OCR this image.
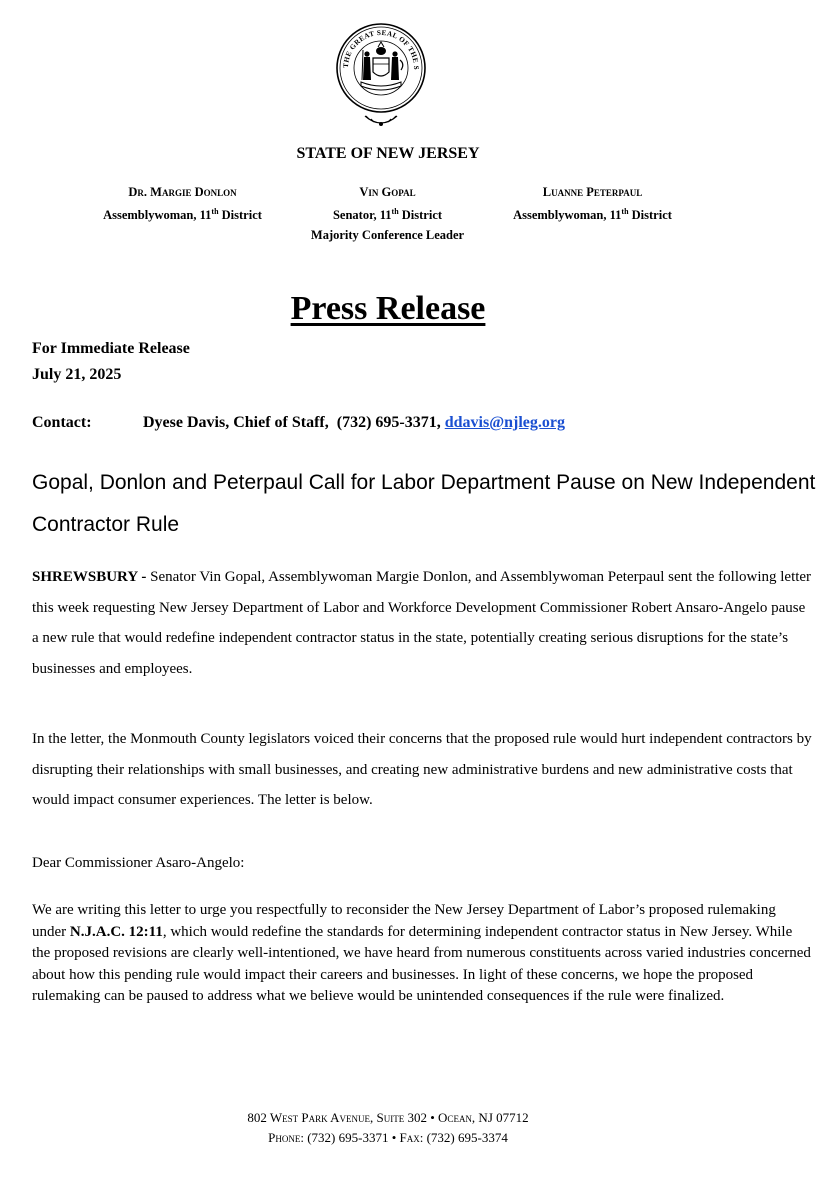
THE GREAT SEAL OF THE S
STATE OF NEW JERSEY
Dr. Margie Donlon
Assemblywoman, 11th District
Vin Gopal
Senator, 11th District
Majority Conference Leader
Luanne Peterpaul
Assemblywoman, 11th District
Press Release
For Immediate Release
July 21, 2025
Contact:	Dyese Davis, Chief of Staff,  (732) 695-3371, ddavis@njleg.org
Gopal, Donlon and Peterpaul Call for Labor Department Pause on New Independent Contractor Rule
SHREWSBURY - Senator Vin Gopal, Assemblywoman Margie Donlon, and Assemblywoman Peterpaul sent the following letter this week requesting New Jersey Department of Labor and Workforce Development Commissioner Robert Ansaro-Angelo pause a new rule that would redefine independent contractor status in the state, potentially creating serious disruptions for the state’s businesses and employees.
In the letter, the Monmouth County legislators voiced their concerns that the proposed rule would hurt independent contractors by disrupting their relationships with small businesses, and creating new administrative burdens and new administrative costs that would impact consumer experiences. The letter is below.
Dear Commissioner Asaro-Angelo:
We are writing this letter to urge you respectfully to reconsider the New Jersey Department of Labor’s proposed rulemaking under N.J.A.C. 12:11, which would redefine the standards for determining independent contractor status in New Jersey. While the proposed revisions are clearly well-intentioned, we have heard from numerous constituents across varied industries concerned about how this pending rule would impact their careers and businesses. In light of these concerns, we hope the proposed rulemaking can be paused to address what we believe would be unintended consequences if the rule were finalized.
802 West Park Avenue, Suite 302 • Ocean, NJ 07712
Phone: (732) 695-3371 • Fax: (732) 695-3374
